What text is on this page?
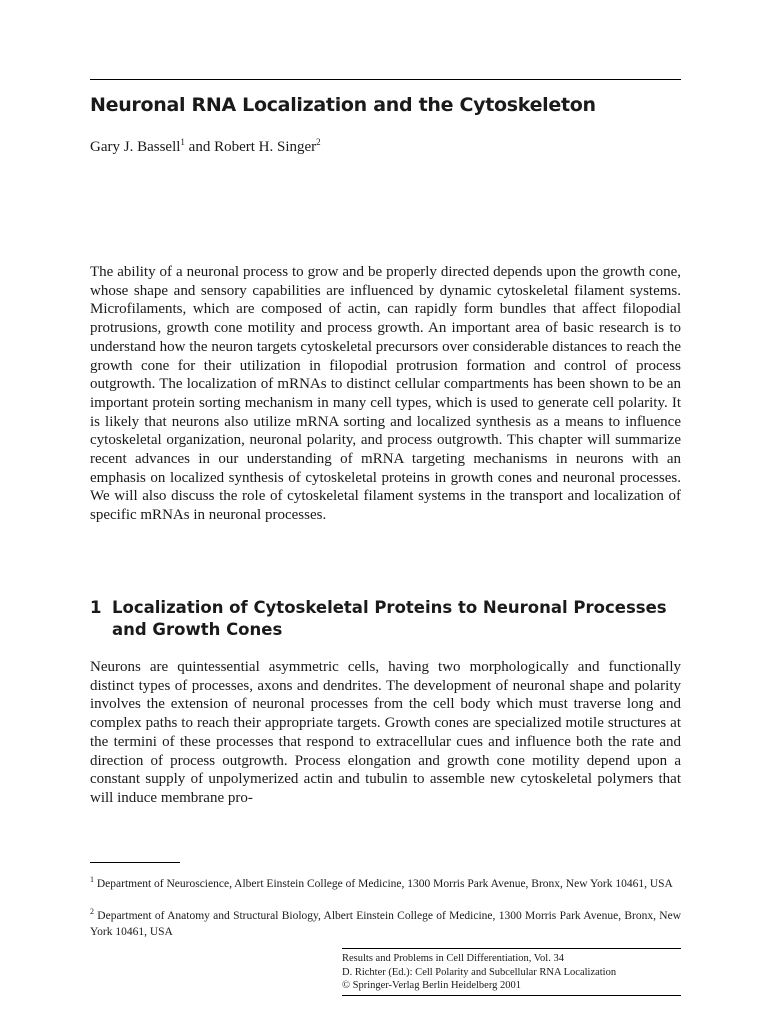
Neuronal RNA Localization and the Cytoskeleton
Gary J. Bassell$^1$ and Robert H. Singer$^2$

The ability of a neuronal process to grow and be properly directed depends upon the growth cone, whose shape and sensory capabilities are influenced by dynamic cytoskeletal filament systems. Microfilaments, which are composed of actin, can rapidly form bundles that affect filopodial protrusions, growth cone motility and process growth. An important area of basic research is to understand how the neuron targets cytoskeletal precursors over considerable distances to reach the growth cone for their utilization in filopodial protrusion formation and control of process outgrowth. The localization of mRNAs to distinct cellular compartments has been shown to be an important protein sorting mechanism in many cell types, which is used to generate cell polarity. It is likely that neurons also utilize mRNA sorting and localized synthesis as a means to influence cytoskeletal organization, neuronal polarity, and process outgrowth. This chapter will summarize recent advances in our understanding of mRNA targeting mechanisms in neurons with an emphasis on localized synthesis of cytoskeletal proteins in growth cones and neuronal processes. We will also discuss the role of cytoskeletal filament systems in the transport and localization of specific mRNAs in neuronal processes.

1 Localization of Cytoskeletal Proteins to Neuronal Processes and Growth Cones

Neurons are quintessential asymmetric cells, having two morphologically and functionally distinct types of processes, axons and dendrites. The development of neuronal shape and polarity involves the extension of neuronal processes from the cell body which must traverse long and complex paths to reach their appropriate targets. Growth cones are specialized motile structures at the termini of these processes that respond to extracellular cues and influence both the rate and direction of process outgrowth. Process elongation and growth cone motility depend upon a constant supply of unpolymerized actin and tubulin to assemble new cytoskeletal polymers that will induce membrane pro-

$^1$ Department of Neuroscience, Albert Einstein College of Medicine, 1300 Morris Park Avenue, Bronx, New York 10461, USA

$^2$ Department of Anatomy and Structural Biology, Albert Einstein College of Medicine, 1300 Morris Park Avenue, Bronx, New York 10461, USA

Results and Problems in Cell Differentiation, Vol. 34
D. Richter (Ed.): Cell Polarity and Subcellular RNA Localization
© Springer-Verlag Berlin Heidelberg 2001
